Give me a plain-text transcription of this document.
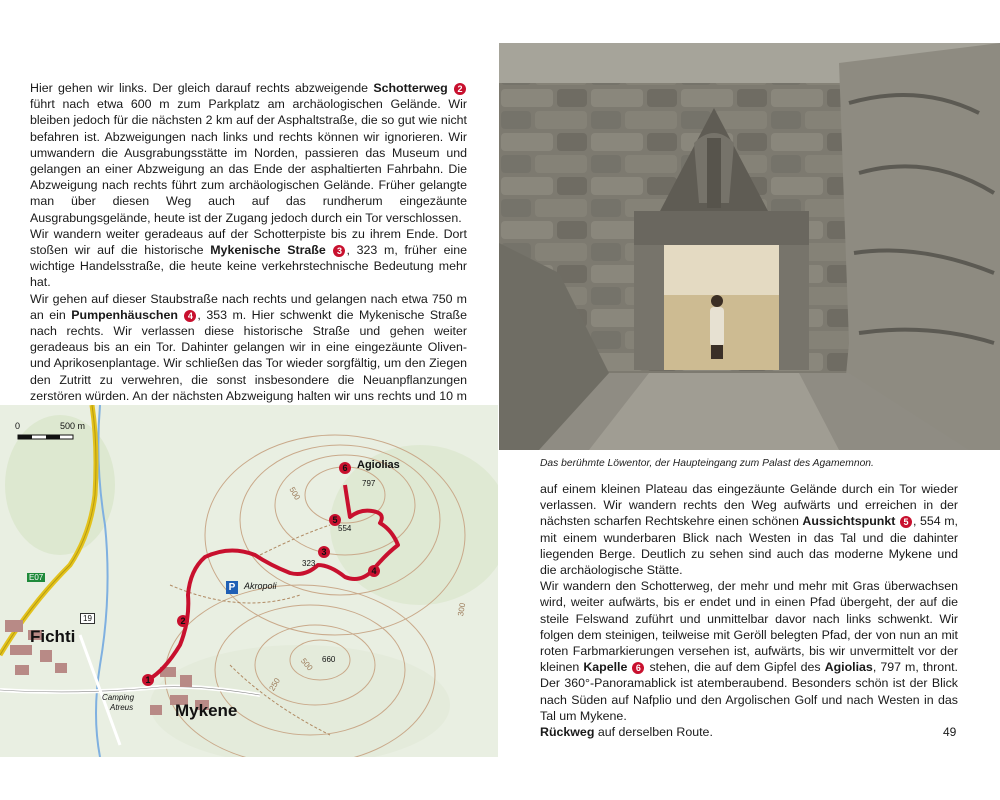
Hier gehen wir links. Der gleich darauf rechts abzweigende Schotterweg 2 führt nach etwa 600 m zum Parkplatz am archäologischen Gelände. Wir bleiben jedoch für die nächsten 2 km auf der Asphaltstraße, die so gut wie nicht befahren ist. Abzweigungen nach links und rechts können wir ignorieren. Wir umwandern die Ausgrabungsstätte im Norden, passieren das Museum und gelangen an einer Abzweigung an das Ende der asphaltierten Fahrbahn. Die Abzweigung nach rechts führt zum archäologischen Gelände. Früher gelangte man über diesen Weg auch auf das rundherum eingezäunte Ausgrabungsgelände, heute ist der Zugang jedoch durch ein Tor verschlossen.

Wir wandern weiter geradeaus auf der Schotterpiste bis zu ihrem Ende. Dort stoßen wir auf die historische Mykenische Straße 3 , 323 m, früher eine wichtige Handelsstraße, die heute keine verkehrstechnische Bedeutung mehr hat.

Wir gehen auf dieser Staubstraße nach rechts und gelangen nach etwa 750 m an ein Pumpenhäuschen 4 , 353 m. Hier schwenkt die Mykenische Straße nach rechts. Wir verlassen diese historische Straße und gehen weiter geradeaus bis an ein Tor. Dahinter gelangen wir in eine eingezäunte Oliven- und Aprikosenplantage. Wir schließen das Tor wieder sorgfältig, um den Ziegen den Zutritt zu verwehren, die sonst insbesondere die Neuanpflanzungen zerstören würden. An der nächsten Abzweigung halten wir uns rechts und 10 m

Das berühmte Löwentor, der Haupteingang zum Palast des Agamemnon.

auf einem kleinen Plateau das eingezäunte Gelände durch ein Tor wieder verlassen. Wir wandern rechts den Weg aufwärts und erreichen in der nächsten scharfen Rechtskehre einen schönen Aussichtspunkt 5 , 554 m, mit einem wunderbaren Blick nach Westen in das Tal und die dahinter liegenden Berge. Deutlich zu sehen sind auch das moderne Mykene und die archäologische Stätte.

Wir wandern den Schotterweg, der mehr und mehr mit Gras überwachsen wird, weiter aufwärts, bis er endet und in einen Pfad übergeht, der auf die steile Felswand zuführt und unmittelbar davor nach links schwenkt. Wir folgen dem steinigen, teilweise mit Geröll belegten Pfad, der von nun an mit roten Farbmarkierungen versehen ist, aufwärts, bis wir unvermittelt vor der kleinen Kapelle 6 stehen, die auf dem Gipfel des Agiolias, 797 m, thront. Der 360°-Panoramablick ist atemberaubend. Besonders schön ist der Blick nach Süden auf Nafplio und den Argolischen Golf und nach Westen in das Tal um Mykene.

Rückweg auf derselben Route.	49
0	500 m
E07
19
Fichti
Mykene
Akropoli
Agiolias
Camping
Atreus
797
554
323
660
500
500
250
300
P
1
2
3
4
5
6
